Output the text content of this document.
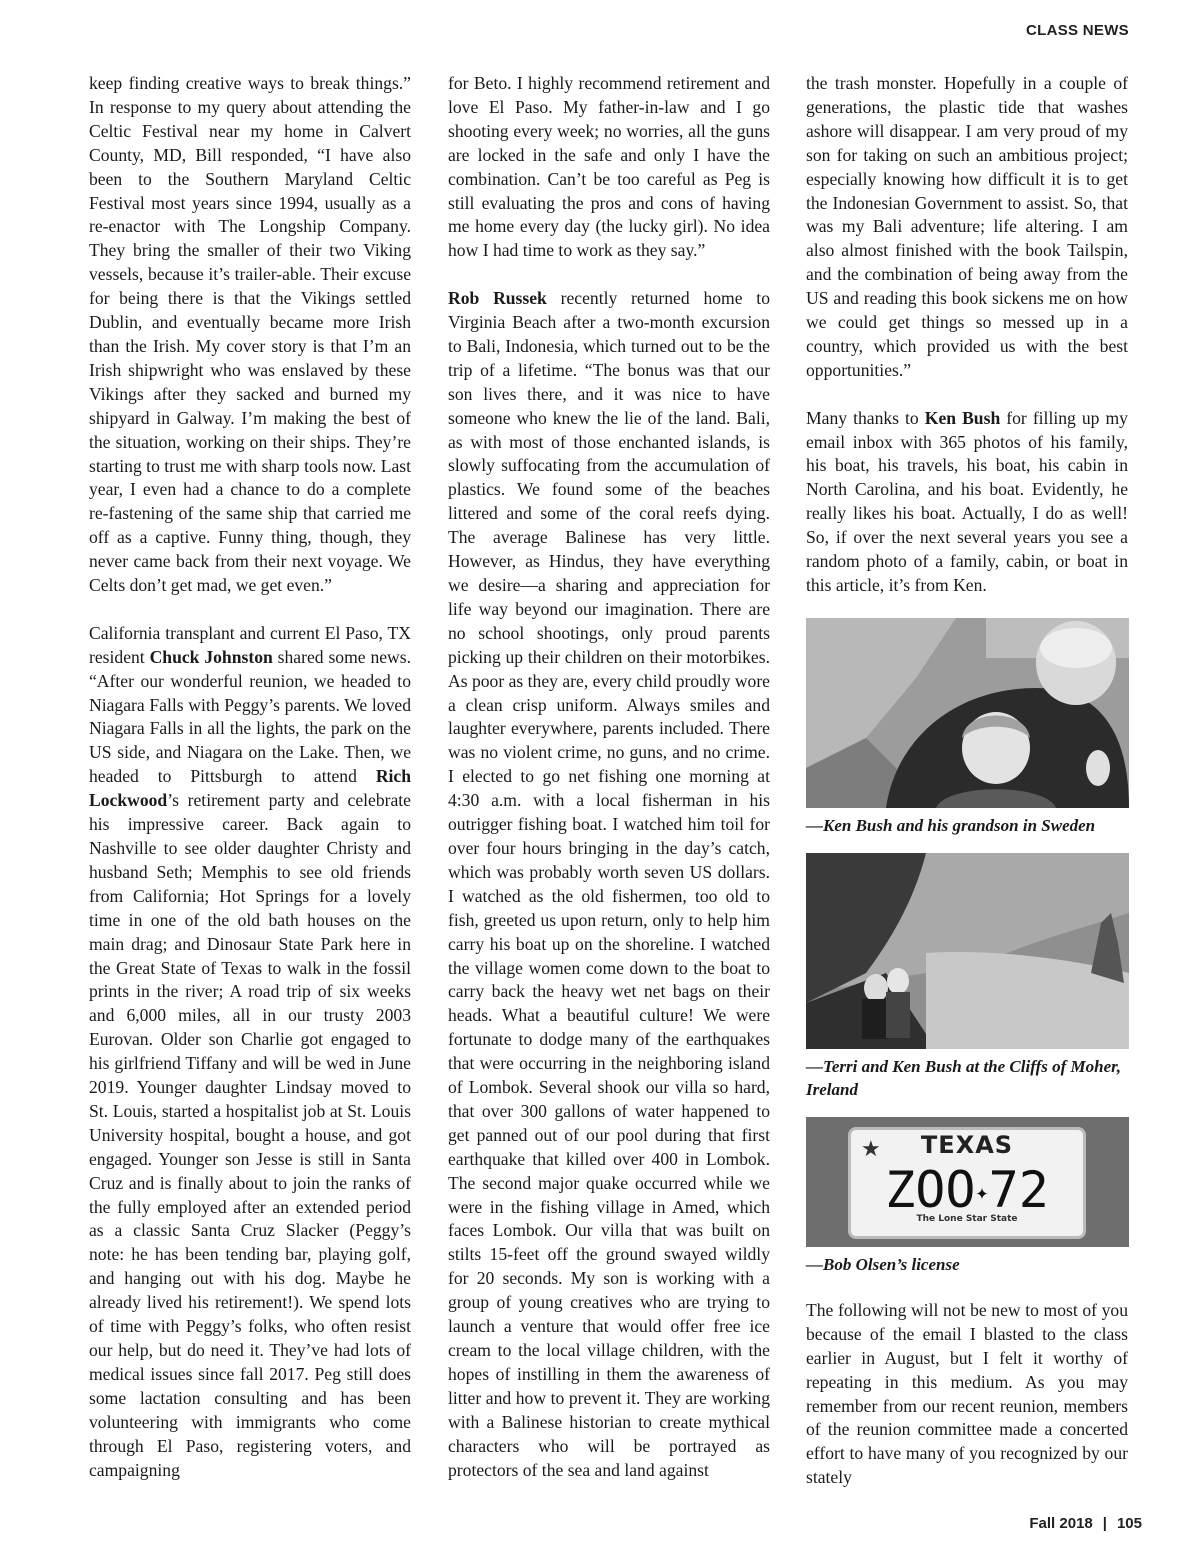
CLASS NEWS

keep finding creative ways to break things.” In response to my query about attending the Celtic Festival near my home in Calvert County, MD, Bill responded, “I have also been to the Southern Maryland Celtic Festival most years since 1994, usually as a re-enactor with The Longship Company. They bring the smaller of their two Viking vessels, because it’s trailer-able. Their excuse for being there is that the Vikings settled Dublin, and eventually became more Irish than the Irish. My cover story is that I’m an Irish shipwright who was enslaved by these Vikings after they sacked and burned my shipyard in Galway. I’m making the best of the situation, working on their ships. They’re starting to trust me with sharp tools now. Last year, I even had a chance to do a complete re-fastening of the same ship that carried me off as a captive. Funny thing, though, they never came back from their next voyage. We Celts don’t get mad, we get even.”

California transplant and current El Paso, TX resident Chuck Johnston shared some news. “After our wonderful reunion, we headed to Niagara Falls with Peggy’s parents. We loved Niagara Falls in all the lights, the park on the US side, and Niagara on the Lake. Then, we headed to Pittsburgh to attend Rich Lockwood’s retirement party and celebrate his impressive career. Back again to Nashville to see older daughter Christy and husband Seth; Memphis to see old friends from California; Hot Springs for a lovely time in one of the old bath houses on the main drag; and Dinosaur State Park here in the Great State of Texas to walk in the fossil prints in the river; A road trip of six weeks and 6,000 miles, all in our trusty 2003 Eurovan. Older son Charlie got engaged to his girlfriend Tiffany and will be wed in June 2019. Younger daughter Lindsay moved to St. Louis, started a hospitalist job at St. Louis University hospital, bought a house, and got engaged. Younger son Jesse is still in Santa Cruz and is finally about to join the ranks of the fully employed after an extended period as a classic Santa Cruz Slacker (Peggy’s note: he has been tending bar, playing golf, and hanging out with his dog. Maybe he already lived his retirement!). We spend lots of time with Peggy’s folks, who often resist our help, but do need it. They’ve had lots of medical issues since fall 2017. Peg still does some lactation consulting and has been volunteering with immigrants who come through El Paso, registering voters, and campaigning

for Beto. I highly recommend retirement and love El Paso. My father-in-law and I go shooting every week; no worries, all the guns are locked in the safe and only I have the combination. Can’t be too careful as Peg is still evaluating the pros and cons of having me home every day (the lucky girl). No idea how I had time to work as they say.”

Rob Russek recently returned home to Virginia Beach after a two-month excursion to Bali, Indonesia, which turned out to be the trip of a lifetime. “The bonus was that our son lives there, and it was nice to have someone who knew the lie of the land. Bali, as with most of those enchanted islands, is slowly suffocating from the accumulation of plastics. We found some of the beaches littered and some of the coral reefs dying. The average Balinese has very little. However, as Hindus, they have everything we desire—a sharing and appreciation for life way beyond our imagination. There are no school shootings, only proud parents picking up their children on their motorbikes. As poor as they are, every child proudly wore a clean crisp uniform. Always smiles and laughter everywhere, parents included. There was no violent crime, no guns, and no crime. I elected to go net fishing one morning at 4:30 a.m. with a local fisherman in his outrigger fishing boat. I watched him toil for over four hours bringing in the day’s catch, which was probably worth seven US dollars. I watched as the old fishermen, too old to fish, greeted us upon return, only to help him carry his boat up on the shoreline. I watched the village women come down to the boat to carry back the heavy wet net bags on their heads. What a beautiful culture! We were fortunate to dodge many of the earthquakes that were occurring in the neighboring island of Lombok. Several shook our villa so hard, that over 300 gallons of water happened to get panned out of our pool during that first earthquake that killed over 400 in Lombok. The second major quake occurred while we were in the fishing village in Amed, which faces Lombok. Our villa that was built on stilts 15-feet off the ground swayed wildly for 20 seconds. My son is working with a group of young creatives who are trying to launch a venture that would offer free ice cream to the local village children, with the hopes of instilling in them the awareness of litter and how to prevent it. They are working with a Balinese historian to create mythical characters who will be portrayed as protectors of the sea and land against

the trash monster. Hopefully in a couple of generations, the plastic tide that washes ashore will disappear. I am very proud of my son for taking on such an ambitious project; especially knowing how difficult it is to get the Indonesian Government to assist. So, that was my Bali adventure; life altering. I am also almost finished with the book Tailspin, and the combination of being away from the US and reading this book sickens me on how we could get things so messed up in a country, which provided us with the best opportunities.”

Many thanks to Ken Bush for filling up my email inbox with 365 photos of his family, his boat, his travels, his boat, his cabin in North Carolina, and his boat. Evidently, he really likes his boat. Actually, I do as well! So, if over the next several years you see a random photo of a family, cabin, or boat in this article, it’s from Ken.

—Ken Bush and his grandson in Sweden
—Terri and Ken Bush at the Cliffs of Moher, Ireland
★	TEXAS
ZOO✦72
The Lone Star State
—Bob Olsen’s license

The following will not be new to most of you because of the email I blasted to the class earlier in August, but I felt it worthy of repeating in this medium. As you may remember from our recent reunion, members of the reunion committee made a concerted effort to have many of you recognized by our stately

Fall 2018 | 105
